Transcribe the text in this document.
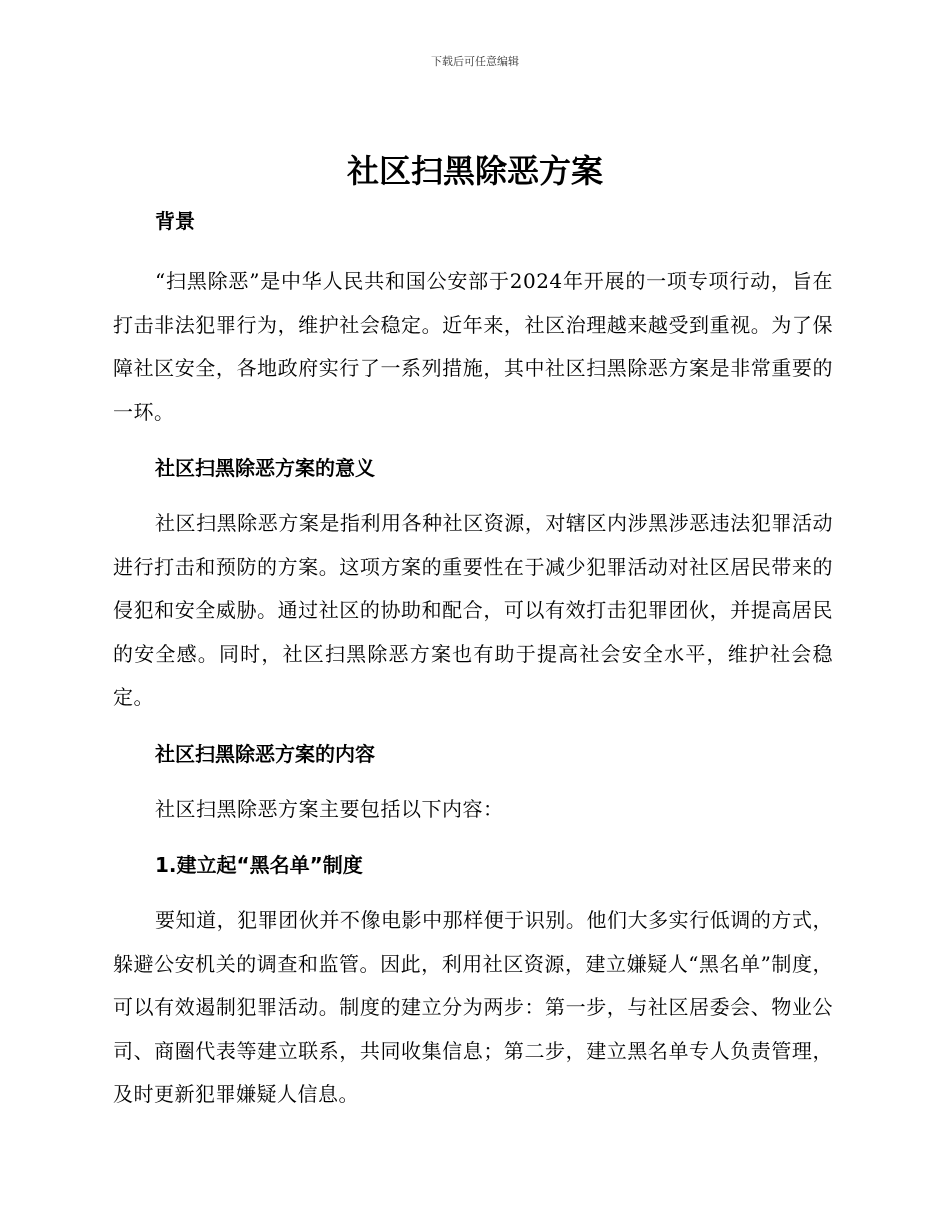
下载后可任意编辑
社区扫黑除恶方案
背景

“扫黑除恶”是中华人民共和国公安部于2024年开展的一项专项行动，旨在打击非法犯罪行为，维护社会稳定。近年来，社区治理越来越受到重视。为了保障社区安全，各地政府实行了一系列措施，其中社区扫黑除恶方案是非常重要的一环。

社区扫黑除恶方案的意义

社区扫黑除恶方案是指利用各种社区资源，对辖区内涉黑涉恶违法犯罪活动进行打击和预防的方案。这项方案的重要性在于减少犯罪活动对社区居民带来的侵犯和安全威胁。通过社区的协助和配合，可以有效打击犯罪团伙，并提高居民的安全感。同时，社区扫黑除恶方案也有助于提高社会安全水平，维护社会稳定。

社区扫黑除恶方案的内容

社区扫黑除恶方案主要包括以下内容：

1.建立起“黑名单”制度

要知道，犯罪团伙并不像电影中那样便于识别。他们大多实行低调的方式，躲避公安机关的调查和监管。因此，利用社区资源，建立嫌疑人“黑名单”制度，可以有效遏制犯罪活动。制度的建立分为两步：第一步，与社区居委会、物业公司、商圈代表等建立联系，共同收集信息；第二步，建立黑名单专人负责管理，及时更新犯罪嫌疑人信息。
